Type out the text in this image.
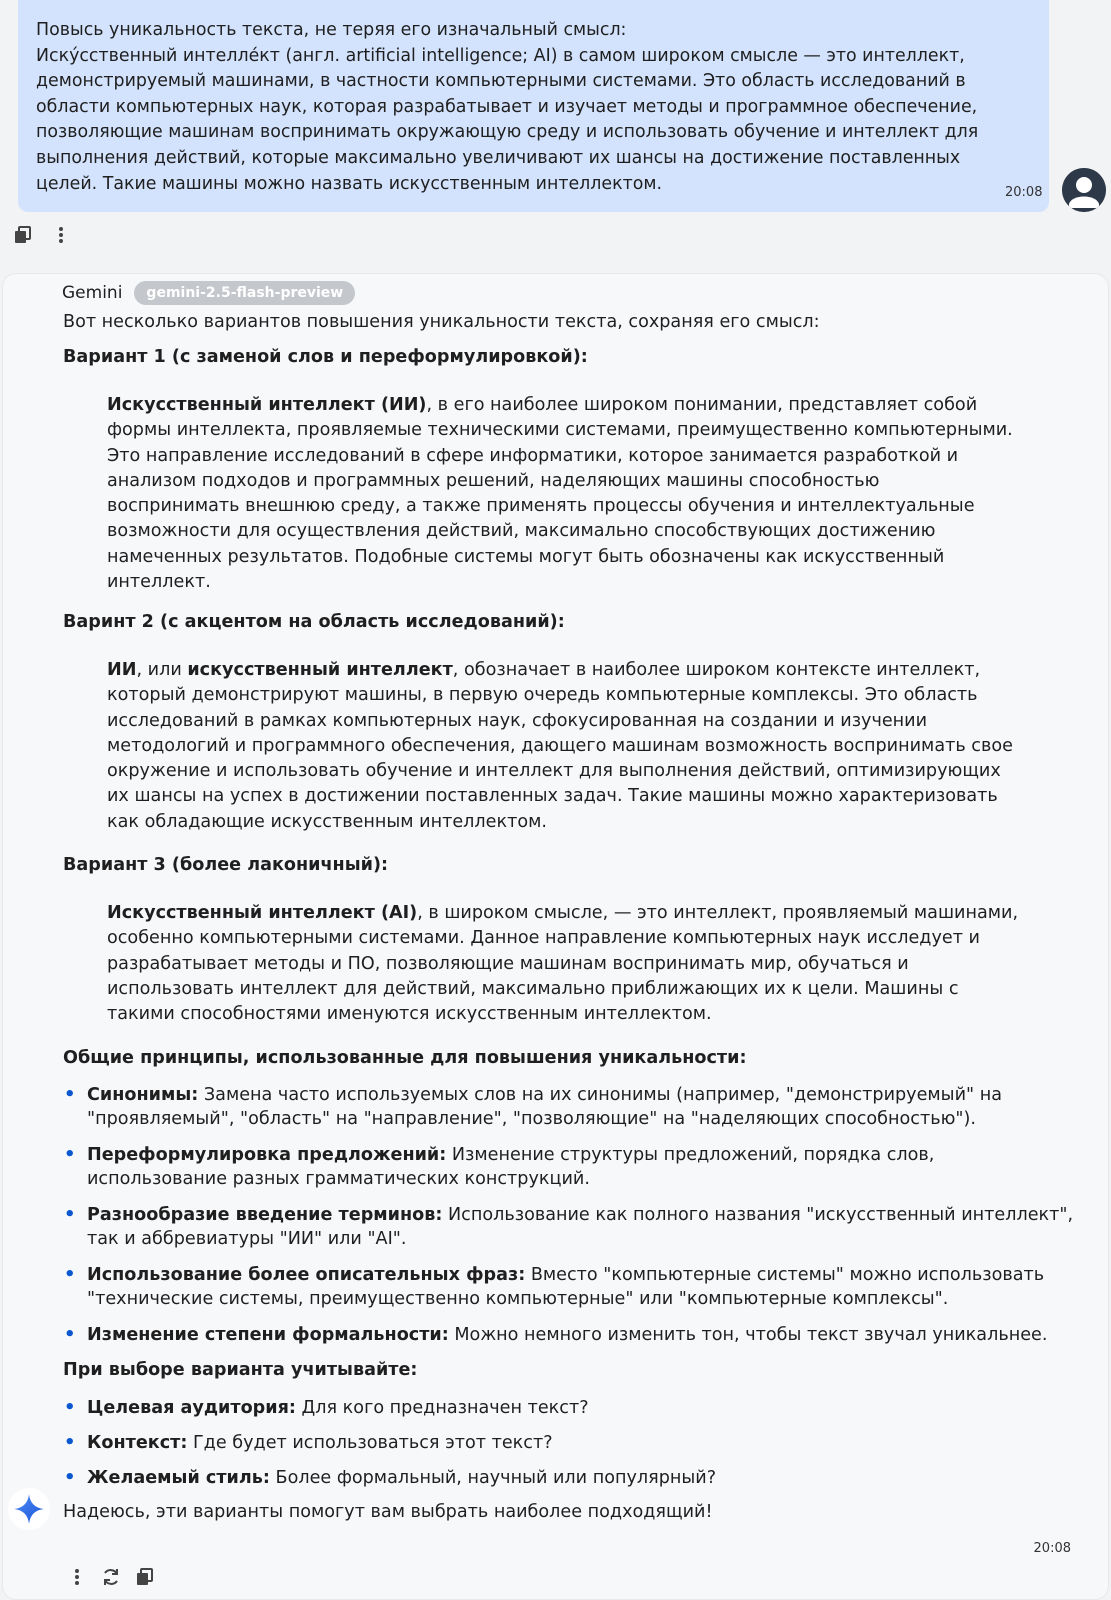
Повысь уникальность текста, не теряя его изначальный смысл:
Искýсственный интелле́кт (англ. artificial intelligence; AI) в самом широком смысле — это интеллект,
демонстрируемый машинами, в частности компьютерными системами. Это область исследований в
области компьютерных наук, которая разрабатывает и изучает методы и программное обеспечение,
позволяющие машинам воспринимать окружающую среду и использовать обучение и интеллект для
выполнения действий, которые максимально увеличивают их шансы на достижение поставленных
целей. Такие машины можно назвать искусственным интеллектом.	20:08
Gemini	gemini-2.5-flash-preview
Вот несколько вариантов повышения уникальности текста, сохраняя его смысл:
Вариант 1 (с заменой слов и переформулировкой):
Искусственный интеллект (ИИ), в его наиболее широком понимании, представляет собой
формы интеллекта, проявляемые техническими системами, преимущественно компьютерными.
Это направление исследований в сфере информатики, которое занимается разработкой и
анализом подходов и программных решений, наделяющих машины способностью
воспринимать внешнюю среду, а также применять процессы обучения и интеллектуальные
возможности для осуществления действий, максимально способствующих достижению
намеченных результатов. Подобные системы могут быть обозначены как искусственный
интеллект.
Варинт 2 (с акцентом на область исследований):
ИИ, или искусственный интеллект, обозначает в наиболее широком контексте интеллект,
который демонстрируют машины, в первую очередь компьютерные комплексы. Это область
исследований в рамках компьютерных наук, сфокусированная на создании и изучении
методологий и программного обеспечения, дающего машинам возможность воспринимать свое
окружение и использовать обучение и интеллект для выполнения действий, оптимизирующих
их шансы на успех в достижении поставленных задач. Такие машины можно характеризовать
как обладающие искусственным интеллектом.
Вариант 3 (более лаконичный):
Искусственный интеллект (AI), в широком смысле, — это интеллект, проявляемый машинами,
особенно компьютерными системами. Данное направление компьютерных наук исследует и
разрабатывает методы и ПО, позволяющие машинам воспринимать мир, обучаться и
использовать интеллект для действий, максимально приближающих их к цели. Машины с
такими способностями именуются искусственным интеллектом.
Общие принципы, использованные для повышения уникальности:
• Синонимы: Замена часто используемых слов на их синонимы (например, "демонстрируемый" на
"проявляемый", "область" на "направление", "позволяющие" на "наделяющих способностью").
• Переформулировка предложений: Изменение структуры предложений, порядка слов,
использование разных грамматических конструкций.
• Разнообразие введение терминов: Использование как полного названия "искусственный интеллект",
так и аббревиатуры "ИИ" или "AI".
• Использование более описательных фраз: Вместо "компьютерные системы" можно использовать
"технические системы, преимущественно компьютерные" или "компьютерные комплексы".
• Изменение степени формальности: Можно немного изменить тон, чтобы текст звучал уникальнее.
При выборе варианта учитывайте:
• Целевая аудитория: Для кого предназначен текст?
• Контекст: Где будет использоваться этот текст?
• Желаемый стиль: Более формальный, научный или популярный?
Надеюсь, эти варианты помогут вам выбрать наиболее подходящий!
20:08
